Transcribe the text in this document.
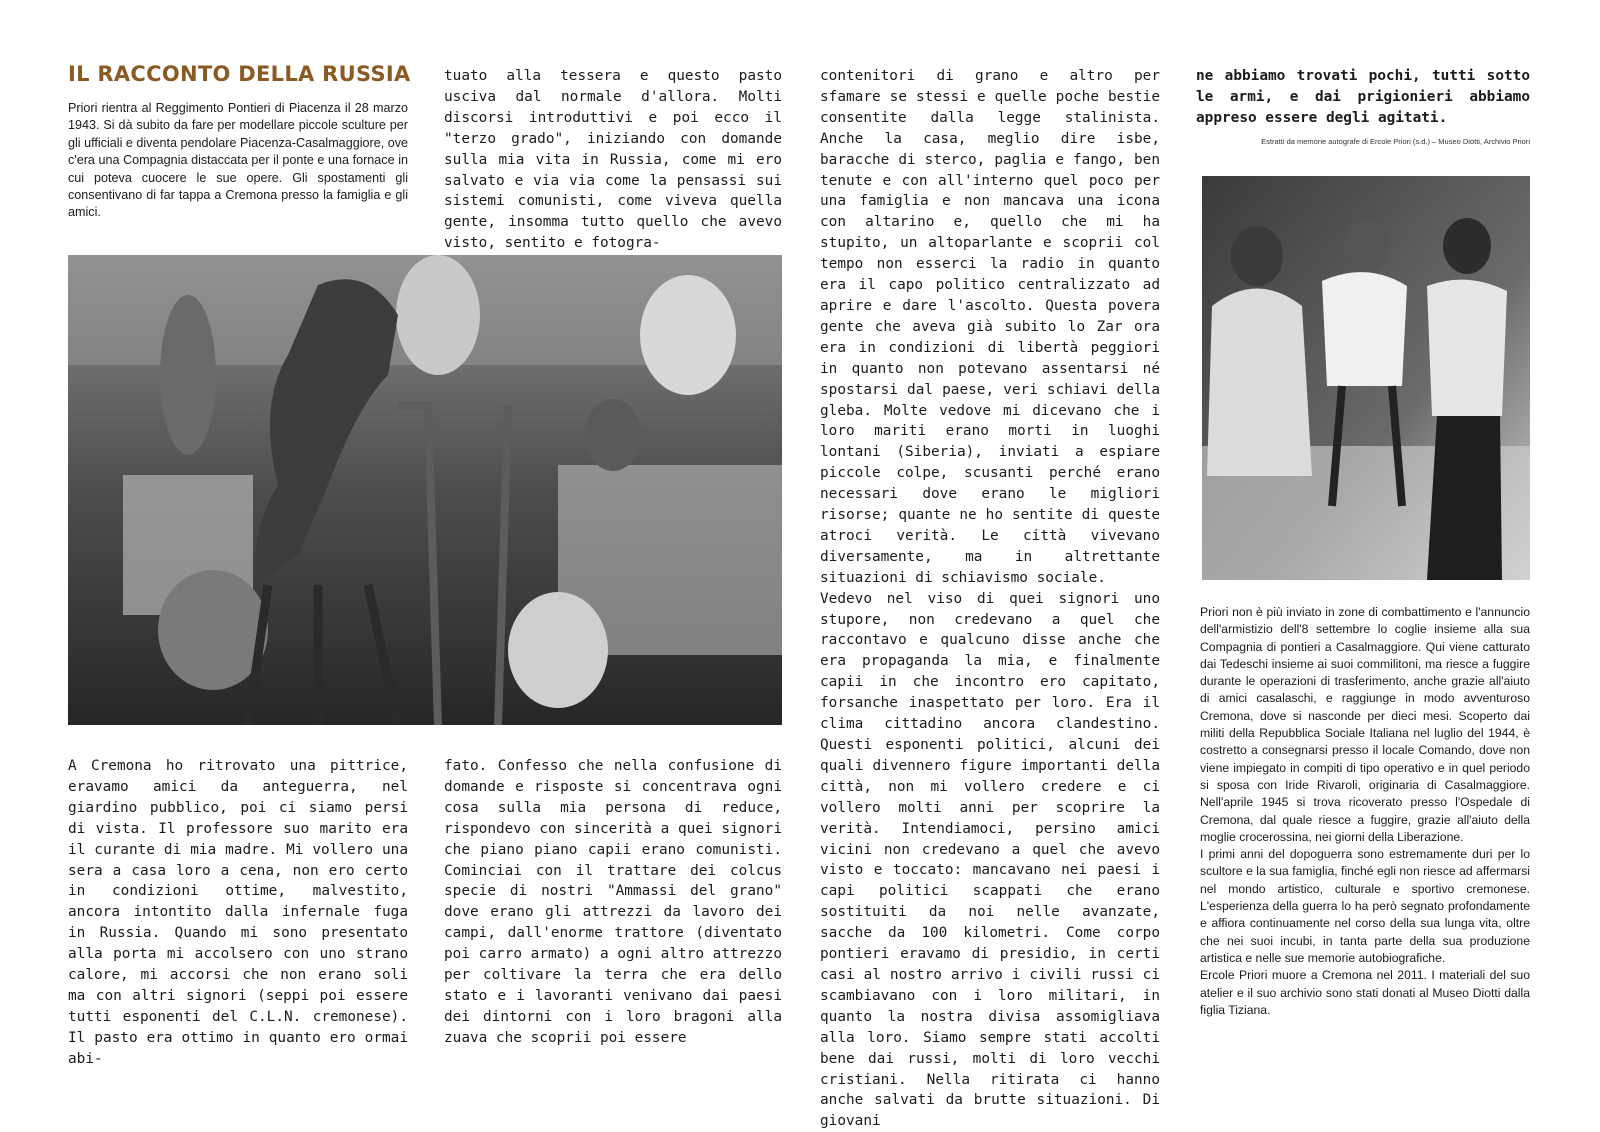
IL RACCONTO DELLA RUSSIA
Priori rientra al Reggimento Pontieri di Piacenza il 28 marzo 1943. Si dà subito da fare per modellare piccole sculture per gli ufficiali e diventa pendolare Piacenza-Casalmaggiore, ove c'era una Compagnia distaccata per il ponte e una fornace in cui poteva cuocere le sue opere. Gli spostamenti gli consentivano di far tappa a Cremona presso la famiglia e gli amici.

tuato alla tessera e questo pasto usciva dal normale d'allora. Molti discorsi introduttivi e poi ecco il "terzo grado", iniziando con domande sulla mia vita in Russia, come mi ero salvato e via via come la pensassi sui sistemi comunisti, come viveva quella gente, insomma tutto quello che avevo visto, sentito e fotogra-

A Cremona ho ritrovato una pittrice, eravamo amici da anteguerra, nel giardino pubblico, poi ci siamo persi di vista. Il professore suo marito era il curante di mia madre. Mi vollero una sera a casa loro a cena, non ero certo in condizioni ottime, malvestito, ancora intontito dalla infernale fuga in Russia. Quando mi sono presentato alla porta mi accolsero con uno strano calore, mi accorsi che non erano soli ma con altri signori (seppi poi essere tutti esponenti del C.L.N. cremonese). Il pasto era ottimo in quanto ero ormai abi-

fato. Confesso che nella confusione di domande e risposte si concentrava ogni cosa sulla mia persona di reduce, rispondevo con sincerità a quei signori che piano piano capii erano comunisti. Cominciai con il trattare dei colcus specie di nostri "Ammassi del grano" dove erano gli attrezzi da lavoro dei campi, dall'enorme trattore (diventato poi carro armato) a ogni altro attrezzo per coltivare la terra che era dello stato e i lavoranti venivano dai paesi dei dintorni con i loro bragoni alla zuava che scoprii poi essere

contenitori di grano e altro per sfamare se stessi e quelle poche bestie consentite dalla legge stalinista. Anche la casa, meglio dire isbe, baracche di sterco, paglia e fango, ben tenute e con all'interno quel poco per una famiglia e non mancava una icona con altarino e, quello che mi ha stupito, un altoparlante e scoprii col tempo non esserci la radio in quanto era il capo politico centralizzato ad aprire e dare l'ascolto. Questa povera gente che aveva già subito lo Zar ora era in condizioni di libertà peggiori in quanto non potevano assentarsi né spostarsi dal paese, veri schiavi della gleba. Molte vedove mi dicevano che i loro mariti erano morti in luoghi lontani (Siberia), inviati a espiare piccole colpe, scusanti perché erano necessari dove erano le migliori risorse; quante ne ho sentite di queste atroci verità. Le città vivevano diversamente, ma in altrettante situazioni di schiavismo sociale.

Vedevo nel viso di quei signori uno stupore, non credevano a quel che raccontavo e qualcuno disse anche che era propaganda la mia, e finalmente capii in che incontro ero capitato, forsanche inaspettato per loro. Era il clima cittadino ancora clandestino. Questi esponenti politici, alcuni dei quali divennero figure importanti della città, non mi vollero credere e ci vollero molti anni per scoprire la verità. Intendiamoci, persino amici vicini non credevano a quel che avevo visto e toccato: mancavano nei paesi i capi politici scappati che erano sostituiti da noi nelle avanzate, sacche da 100 kilometri. Come corpo pontieri eravamo di presidio, in certi casi al nostro arrivo i civili russi ci scambiavano con i loro militari, in quanto la nostra divisa assomigliava alla loro. Siamo sempre stati accolti bene dai russi, molti di loro vecchi cristiani. Nella ritirata ci hanno anche salvati da brutte situazioni. Di giovani

ne abbiamo trovati pochi, tutti sotto le armi, e dai prigionieri abbiamo appreso essere degli agitati.

Estratti da memorie autografe di Ercole Priori (s.d.) – Museo Diotti, Archivio Priori

Priori non è più inviato in zone di combattimento e l'annuncio dell'armistizio dell'8 settembre lo coglie insieme alla sua Compagnia di pontieri a Casalmaggiore. Qui viene catturato dai Tedeschi insieme ai suoi commilitoni, ma riesce a fuggire durante le operazioni di trasferimento, anche grazie all'aiuto di amici casalaschi, e raggiunge in modo avventuroso Cremona, dove si nasconde per dieci mesi. Scoperto dai militi della Repubblica Sociale Italiana nel luglio del 1944, è costretto a consegnarsi presso il locale Comando, dove non viene impiegato in compiti di tipo operativo e in quel periodo si sposa con Iride Rivaroli, originaria di Casalmaggiore. Nell'aprile 1945 si trova ricoverato presso l'Ospedale di Cremona, dal quale riesce a fuggire, grazie all'aiuto della moglie crocerossina, nei giorni della Liberazione.

I primi anni del dopoguerra sono estremamente duri per lo scultore e la sua famiglia, finché egli non riesce ad affermarsi nel mondo artistico, culturale e sportivo cremonese. L'esperienza della guerra lo ha però segnato profondamente e affiora continuamente nel corso della sua lunga vita, oltre che nei suoi incubi, in tanta parte della sua produzione artistica e nelle sue memorie autobiografiche.

Ercole Priori muore a Cremona nel 2011. I materiali del suo atelier e il suo archivio sono stati donati al Museo Diotti dalla figlia Tiziana.
